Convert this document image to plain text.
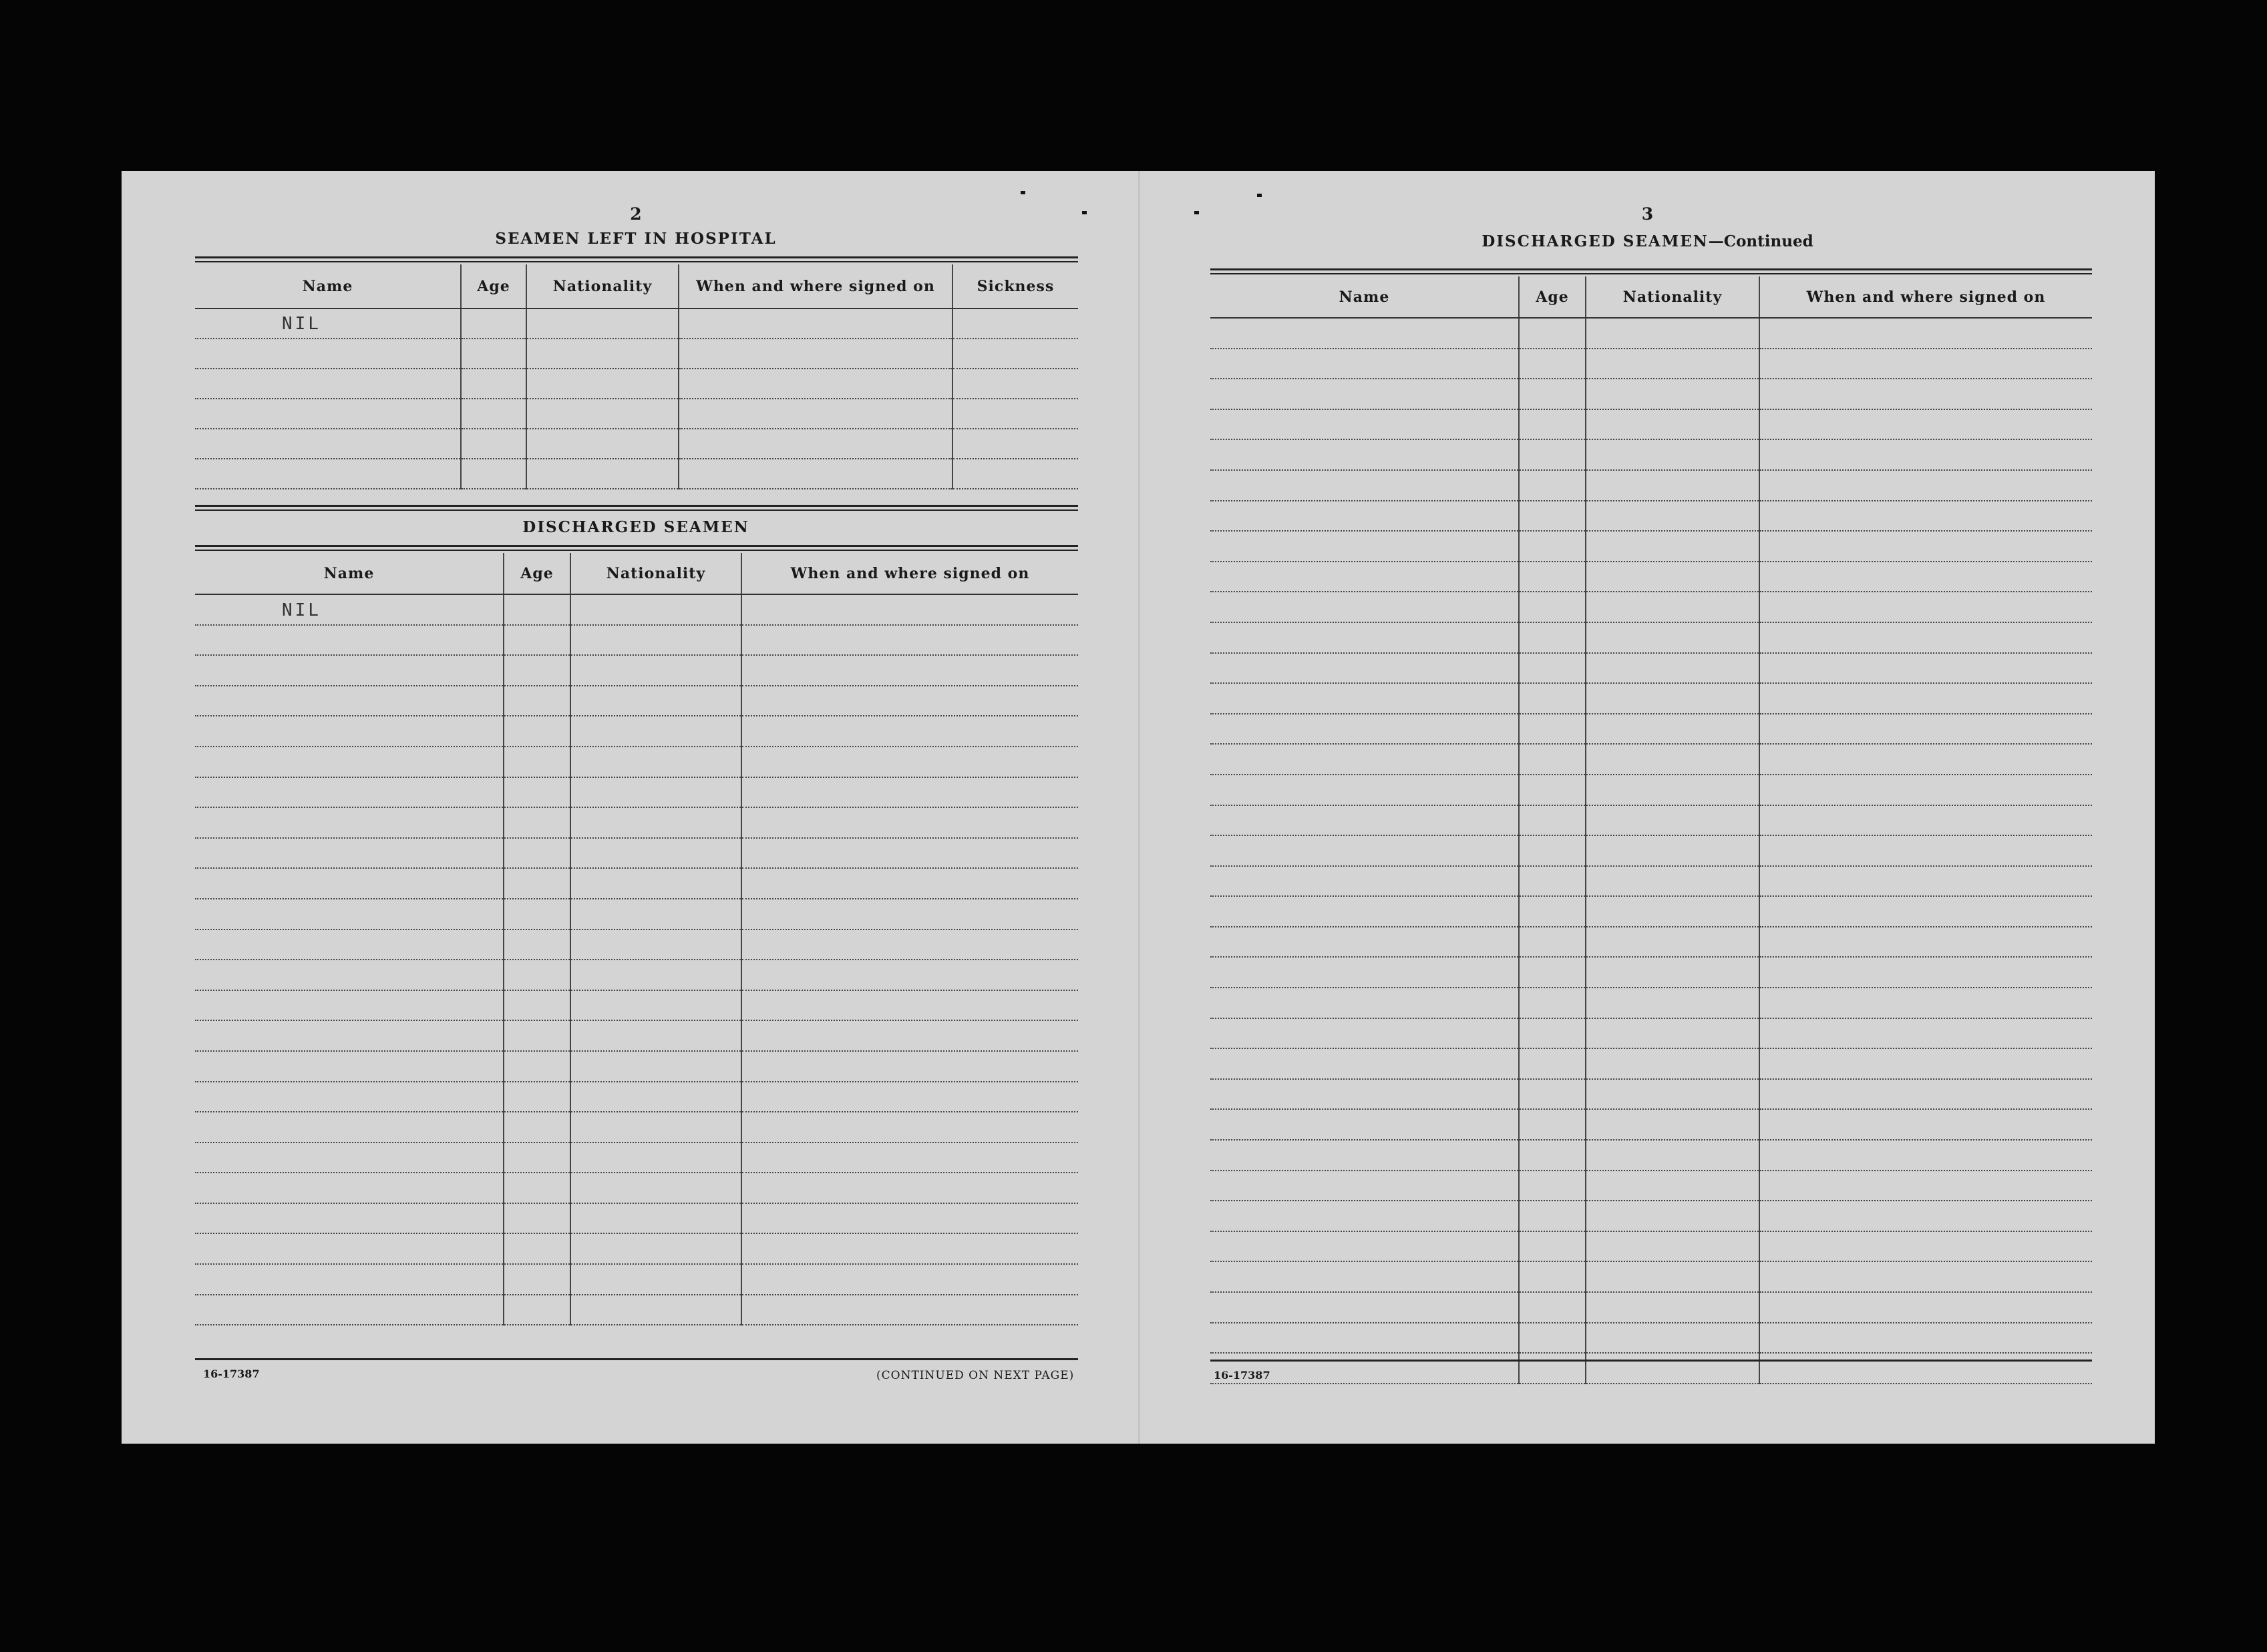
2
SEAMEN LEFT IN HOSPITAL
Name	Age	Nationality	When and where signed on	Sickness
NIL				

DISCHARGED SEAMEN
Name	Age	Nationality	When and where signed on
NIL			

16-17387	(CONTINUED ON NEXT PAGE)
3
DISCHARGED SEAMEN—Continued
Name	Age	Nationality	When and where signed on

16-17387
